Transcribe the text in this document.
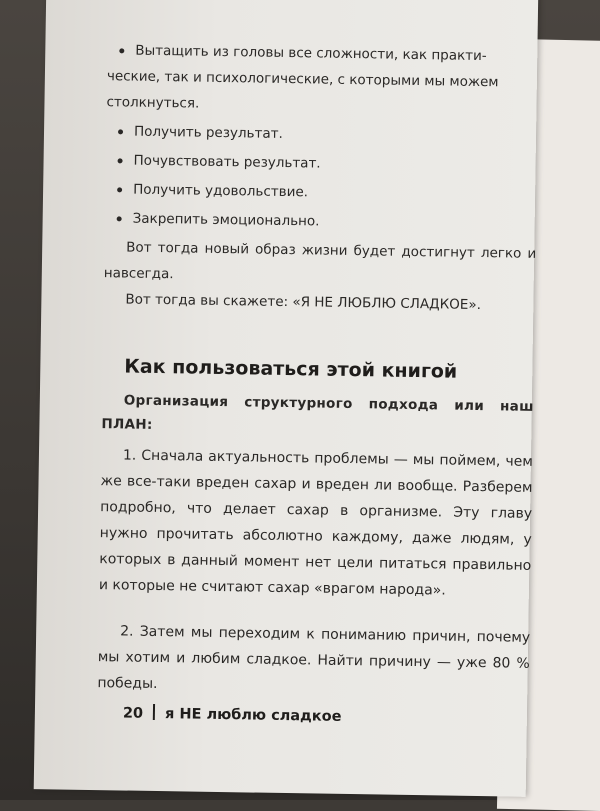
Вытащить из головы все сложности, как практи-
ческие, так и психологические, с которыми мы можем
столкнуться.
Получить результат.
Почувствовать результат.
Получить удовольствие.
Закрепить эмоционально.

Вот тогда новый образ жизни будет достигнут легко и навсегда.

Вот тогда вы скажете: «Я НЕ ЛЮБЛЮ СЛАДКОЕ».

Как пользоваться этой книгой

Организация структурного подхода или наш ПЛАН:

1. Сначала актуальность проблемы — мы поймем, чем же все-таки вреден сахар и вреден ли вообще. Разберем подробно, что делает сахар в организме. Эту главу нужно прочитать абсолютно каждому, даже людям, у которых в данный момент нет цели питаться правильно и которые не считают сахар «врагом народа».

2. Затем мы переходим к пониманию причин, почему мы хотим и любим сладкое. Найти причину — уже 80 % победы.

20 я НЕ люблю сладкое
